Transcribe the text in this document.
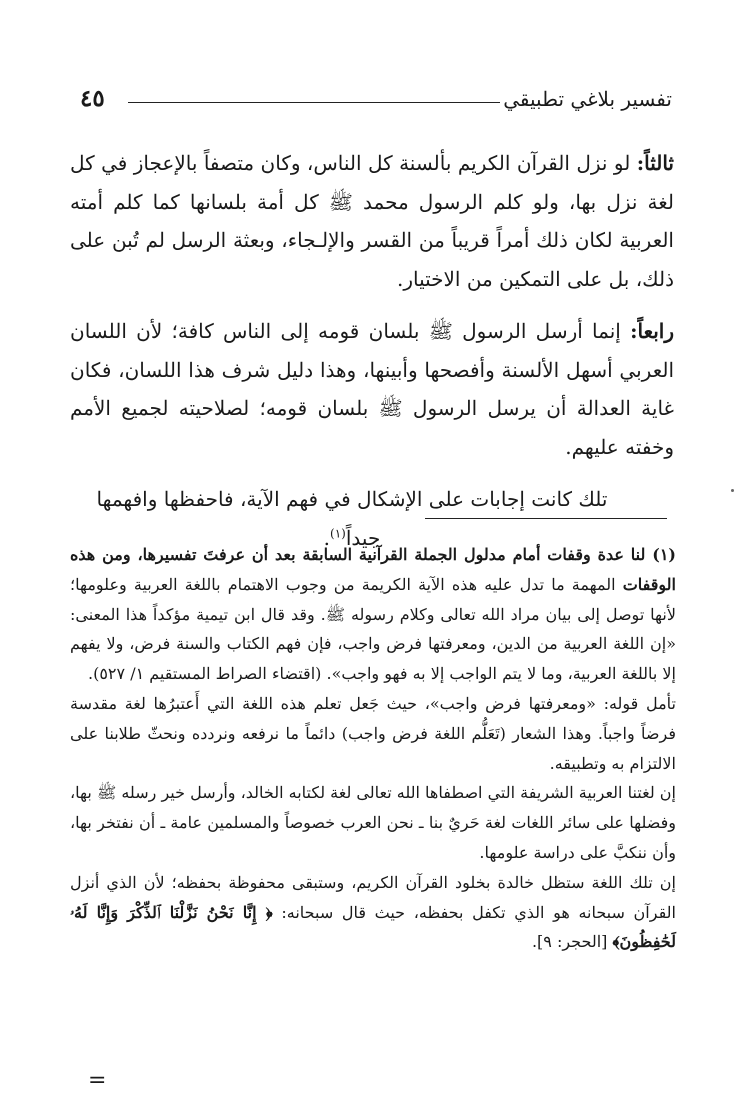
تفسير بلاغي تطبيقي
٤٥

ثالثاً: لو نزل القرآن الكريم بألسنة كل الناس، وكان متصفاً بالإعجاز في كل لغة نزل بها، ولو كلم الرسول محمد ﷺ كل أمة بلسانها كما كلم أمته العربية لكان ذلك أمراً قريباً من القسر والإلـجاء، وبعثة الرسل لم تُبن على ذلك، بل على التمكين من الاختيار.

رابعاً: إنما أرسل الرسول ﷺ بلسان قومه إلى الناس كافة؛ لأن اللسان العربي أسهل الألسنة وأفصحها وأبينها، وهذا دليل شرف هذا اللسان، فكان غاية العدالة أن يرسل الرسول ﷺ بلسان قومه؛ لصلاحيته لجميع الأمم وخفته عليهم.

تلك كانت إجابات على الإشكال في فهم الآية، فاحفظها وافهمها جيداً$^{(١)}$.

(١) لنا عدة وقفات أمام مدلول الجملة القرآنية السابقة بعد أن عرفتَ تفسيرها، ومن هذه الوقفات المهمة ما تدل عليه هذه الآية الكريمة من وجوب الاهتمام باللغة العربية وعلومها؛ لأنها توصل إلى بيان مراد الله تعالى وكلام رسوله ﷺ. وقد قال ابن تيمية مؤكداً هذا المعنى: «إن اللغة العربية من الدين، ومعرفتها فرض واجب، فإن فهم الكتاب والسنة فرض، ولا يفهم إلا باللغة العربية، وما لا يتم الواجب إلا به فهو واجب». (اقتضاء الصراط المستقيم ١/ ٥٢٧).

تأمل قوله: «ومعرفتها فرض واجب»، حيث جَعل تعلم هذه اللغة التي أَعتبرُها لغة مقدسة فرضاً واجباً. وهذا الشعار (تَعَلُّم اللغة فرض واجب) دائماً ما نرفعه ونردده ونحثّ طلابنا على الالتزام به وتطبيقه.

إن لغتنا العربية الشريفة التي اصطفاها الله تعالى لغة لكتابه الخالد، وأرسل خير رسله ﷺ بها، وفضلها على سائر اللغات لغة حَريٌ بنا ـ نحن العرب خصوصاً والمسلمين عامة ـ أن نفتخر بها، وأن ننكبَّ على دراسة علومها.

إن تلك اللغة ستظل خالدة بخلود القرآن الكريم، وستبقى محفوظة بحفظه؛ لأن الذي أنزل القرآن سبحانه هو الذي تكفل بحفظه، حيث قال سبحانه: ﴿ إِنَّا نَحْنُ نَزَّلْنَا ٱلذِّكْرَ وَإِنَّا لَهُۥ لَحَٰفِظُونَ﴾ [الحجر: ٩].

=
